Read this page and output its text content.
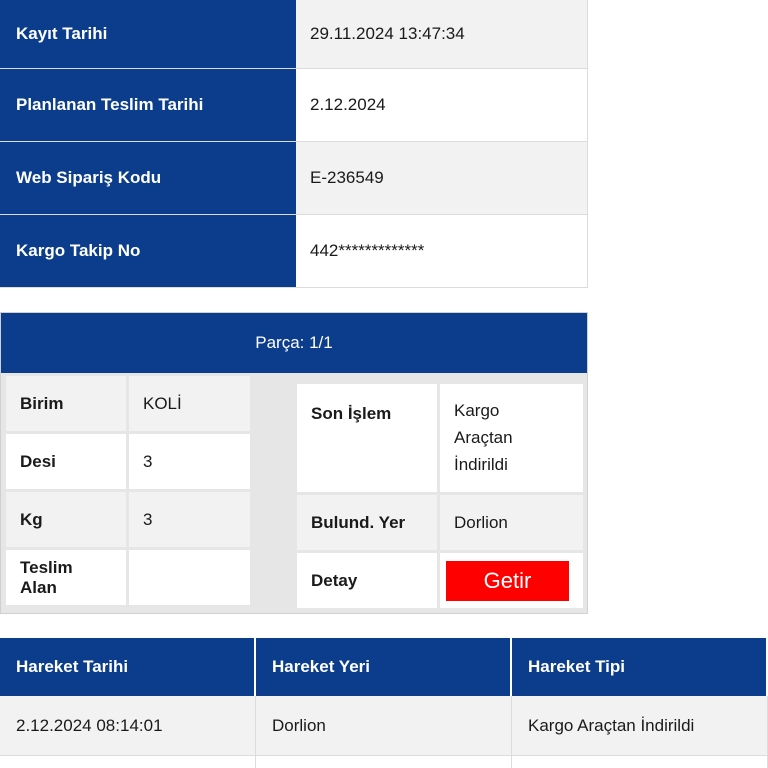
Kayıt Tarihi	29.11.2024 13:47:34
Planlanan Teslim Tarihi	2.12.2024
Web Sipariş Kodu	E-236549
Kargo Takip No	442*************
Parça: 1/1
Birim	KOLİ
Desi	3
Kg	3
Teslim Alan
Son İşlem	Kargo
Araçtan
İndirildi
Bulund. Yer	Dorlion
Detay	Getir
Hareket Tarihi	Hareket Yeri	Hareket Tipi
2.12.2024 08:14:01	Dorlion	Kargo Araçtan İndirildi
